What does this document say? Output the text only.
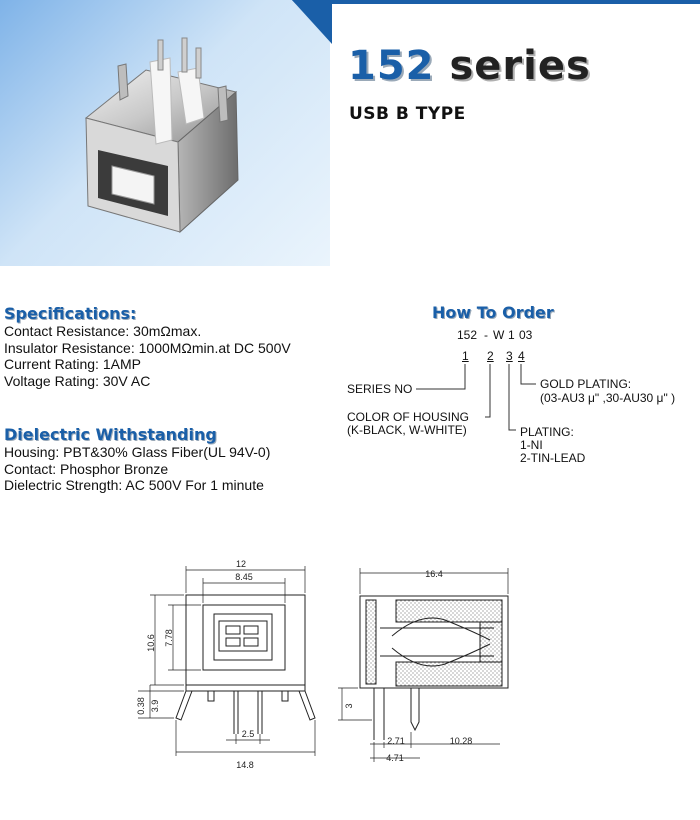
152 series
USB B TYPE
Specifications:
Contact Resistance: 30mΩmax.
Insulator Resistance: 1000MΩmin.at DC 500V
Current Rating: 1AMP
Voltage Rating: 30V AC
Dielectric Withstanding
Housing: PBT&30% Glass Fiber(UL 94V-0)
Contact: Phosphor Bronze
Dielectric Strength: AC 500V For 1 minute
How To Order
152 - W 1 03
1 2 3 4
SERIES NO
COLOR OF HOUSING
(K-BLACK, W-WHITE)
GOLD PLATING:
(03-AU3 μ" ,30-AU30 μ" )
PLATING:
1-NI
2-TIN-LEAD
12
8.45
10.6 7.78
0.38 3.9
2.5
14.8
16.4
3
2.71	10.28
4.71
